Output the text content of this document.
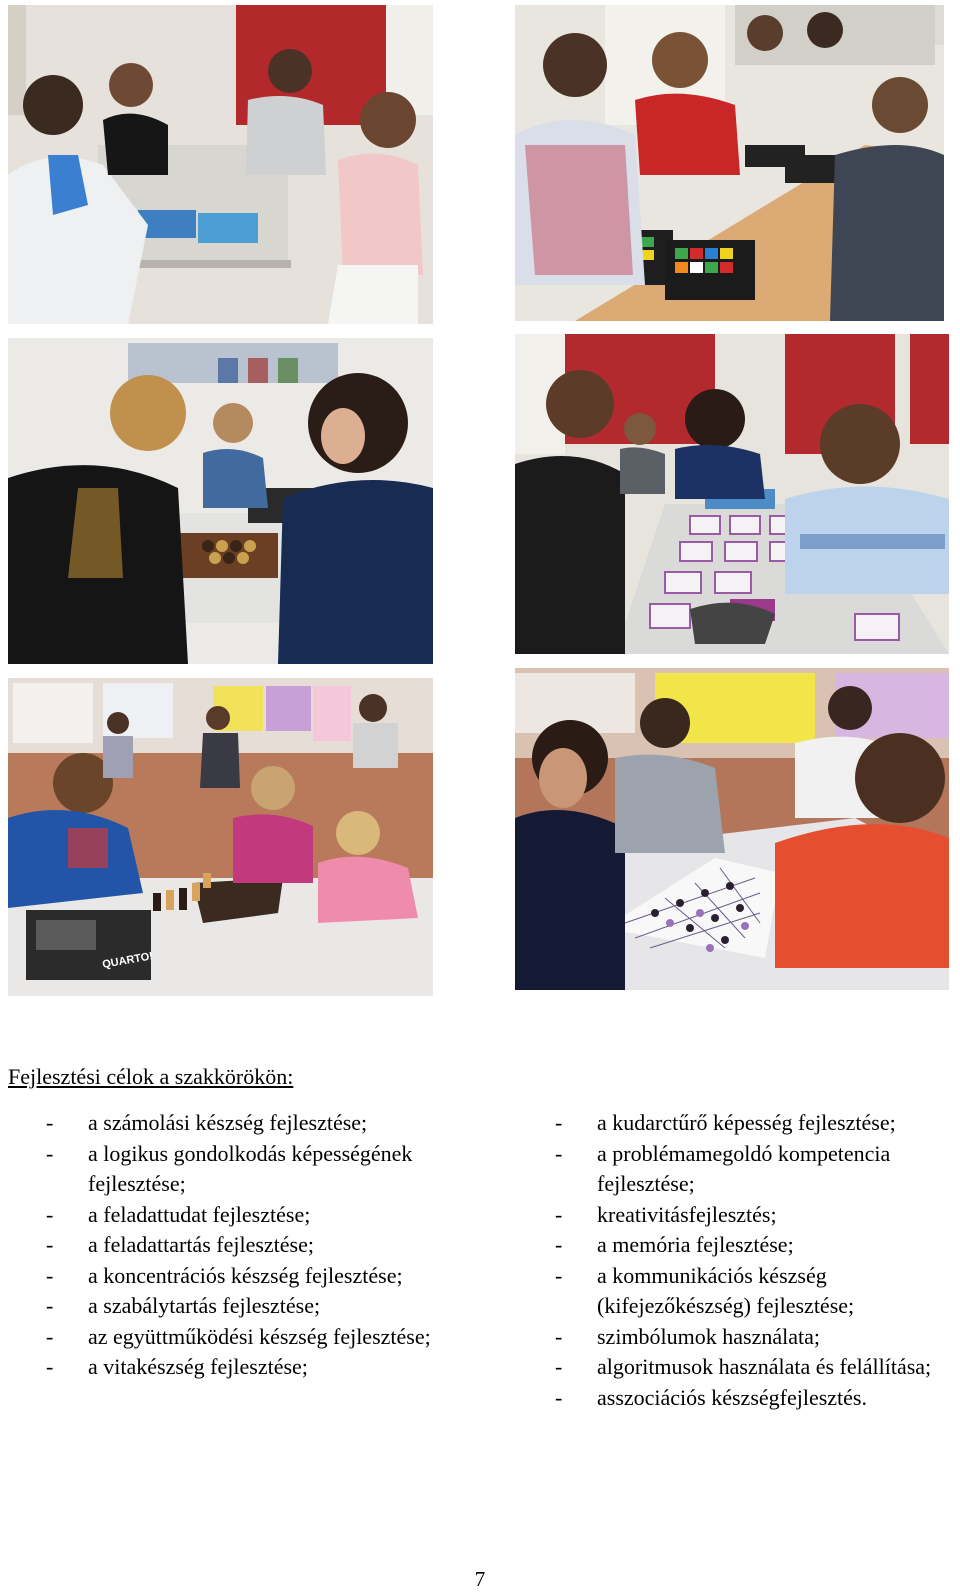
QUARTO!
Fejlesztési célok a szakkörökön:
- a számolási készség fejlesztése;
- a logikus gondolkodás képességének fejlesztése;
- a feladattudat fejlesztése;
- a feladattartás fejlesztése;
- a koncentrációs készség fejlesztése;
- a szabálytartás fejlesztése;
- az együttműködési készség fejlesztése;
- a vitakészség fejlesztése;
- a kudarctűrő képesség fejlesztése;
- a problémamegoldó kompetencia fejlesztése;
- kreativitásfejlesztés;
- a memória fejlesztése;
- a kommunikációs készség (kifejezőkészség) fejlesztése;
- szimbólumok használata;
- algoritmusok használata és felállítása;
- asszociációs készségfejlesztés.
7
